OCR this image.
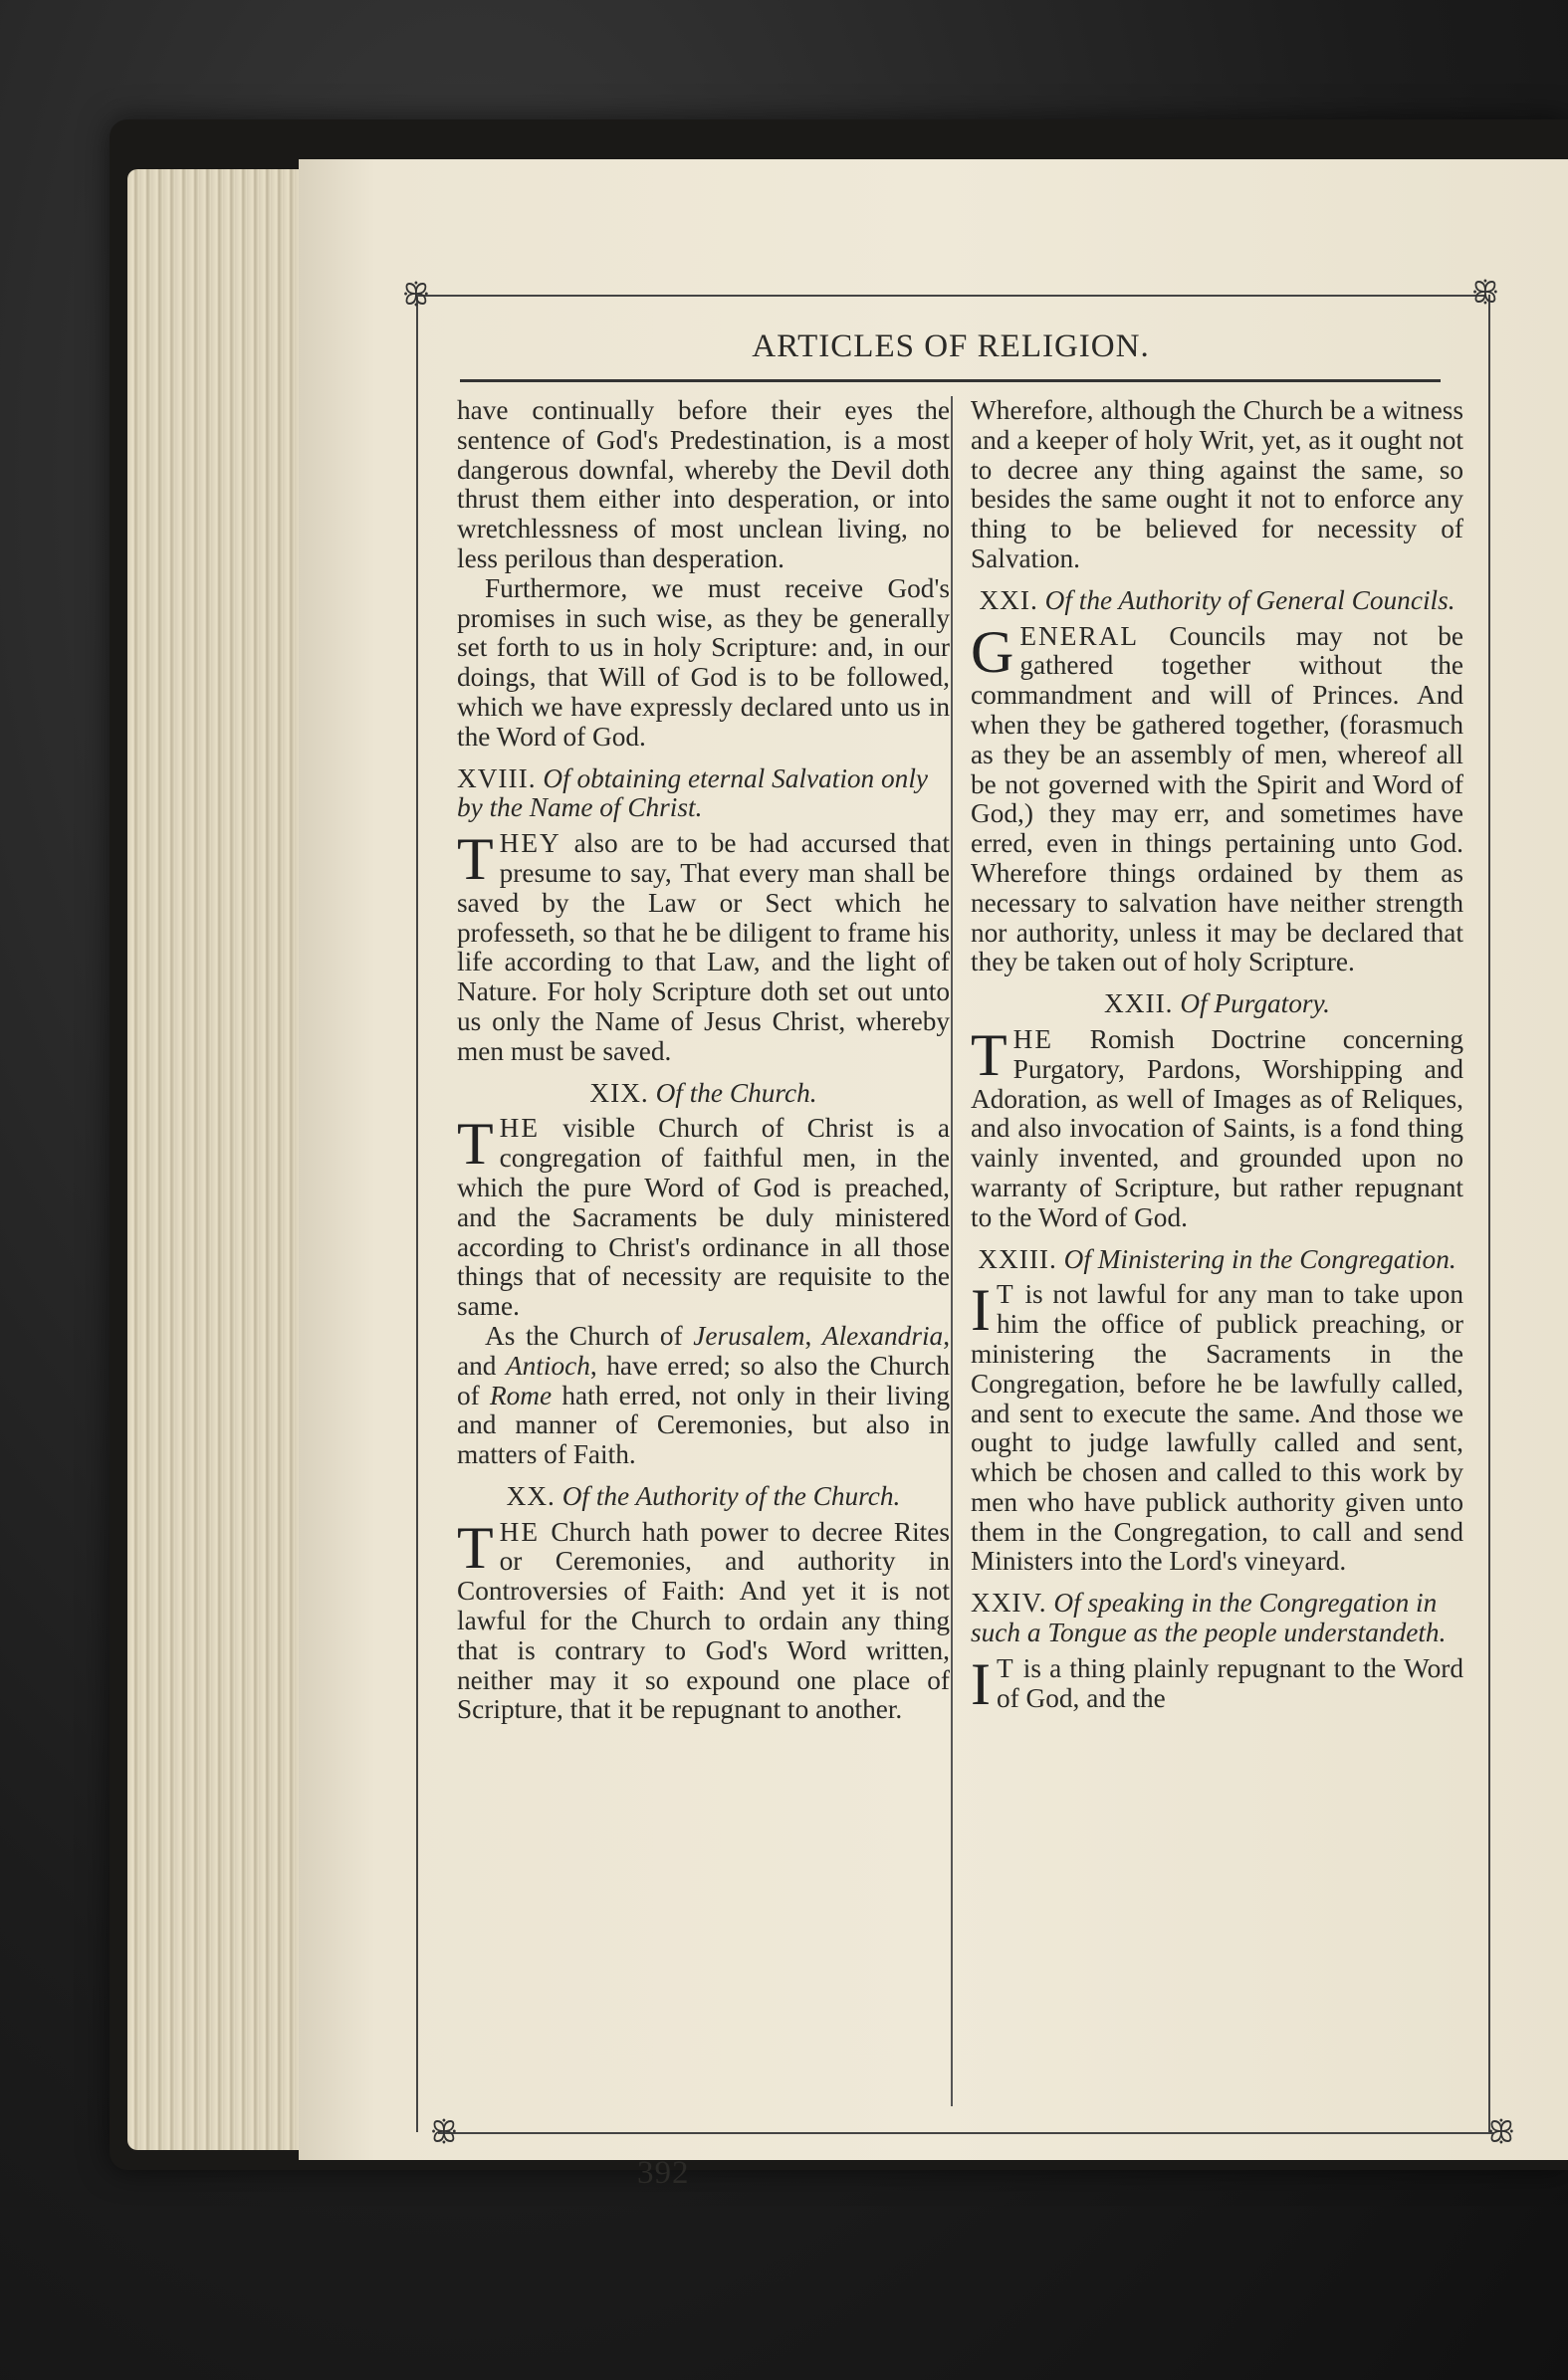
ꕥ	ꕥ
ꕥ	ꕥ
ARTICLES OF RELIGION.

have continually before their eyes the sentence of God's Predestination, is a most dangerous downfal, whereby the Devil doth thrust them either into desperation, or into wretchlessness of most unclean living, no less perilous than desperation.

Furthermore, we must receive God's promises in such wise, as they be generally set forth to us in holy Scripture: and, in our doings, that Will of God is to be followed, which we have expressly declared unto us in the Word of God.

XVIII. Of obtaining eternal Salvation only by the Name of Christ.

THEY also are to be had accursed that presume to say, That every man shall be saved by the Law or Sect which he professeth, so that he be diligent to frame his life according to that Law, and the light of Nature. For holy Scripture doth set out unto us only the Name of Jesus Christ, whereby men must be saved.

XIX. Of the Church.

THE visible Church of Christ is a congregation of faithful men, in the which the pure Word of God is preached, and the Sacraments be duly ministered according to Christ's ordinance in all those things that of necessity are requisite to the same.

As the Church of Jerusalem, Alexandria, and Antioch, have erred; so also the Church of Rome hath erred, not only in their living and manner of Ceremonies, but also in matters of Faith.

XX. Of the Authority of the Church.

THE Church hath power to decree Rites or Ceremonies, and authority in Controversies of Faith: And yet it is not lawful for the Church to ordain any thing that is contrary to God's Word written, neither may it so expound one place of Scripture, that it be repugnant to another.

Wherefore, although the Church be a witness and a keeper of holy Writ, yet, as it ought not to decree any thing against the same, so besides the same ought it not to enforce any thing to be believed for necessity of Salvation.

XXI. Of the Authority of General Councils.

GENERAL Councils may not be gathered together without the commandment and will of Princes. And when they be gathered together, (forasmuch as they be an assembly of men, whereof all be not governed with the Spirit and Word of God,) they may err, and sometimes have erred, even in things pertaining unto God. Wherefore things ordained by them as necessary to salvation have neither strength nor authority, unless it may be declared that they be taken out of holy Scripture.

XXII. Of Purgatory.

THE Romish Doctrine concerning Purgatory, Pardons, Worshipping and Adoration, as well of Images as of Reliques, and also invocation of Saints, is a fond thing vainly invented, and grounded upon no warranty of Scripture, but rather repugnant to the Word of God.

XXIII. Of Ministering in the Congregation.

I T is not lawful for any man to take upon him the office of publick preaching, or ministering the Sacraments in the Congregation, before he be lawfully called, and sent to execute the same. And those we ought to judge lawfully called and sent, which be chosen and called to this work by men who have publick authority given unto them in the Congregation, to call and send Ministers into the Lord's vineyard.

XXIV. Of speaking in the Congregation in such a Tongue as the people understandeth.

I T is a thing plainly repugnant to the Word of God, and the

392
